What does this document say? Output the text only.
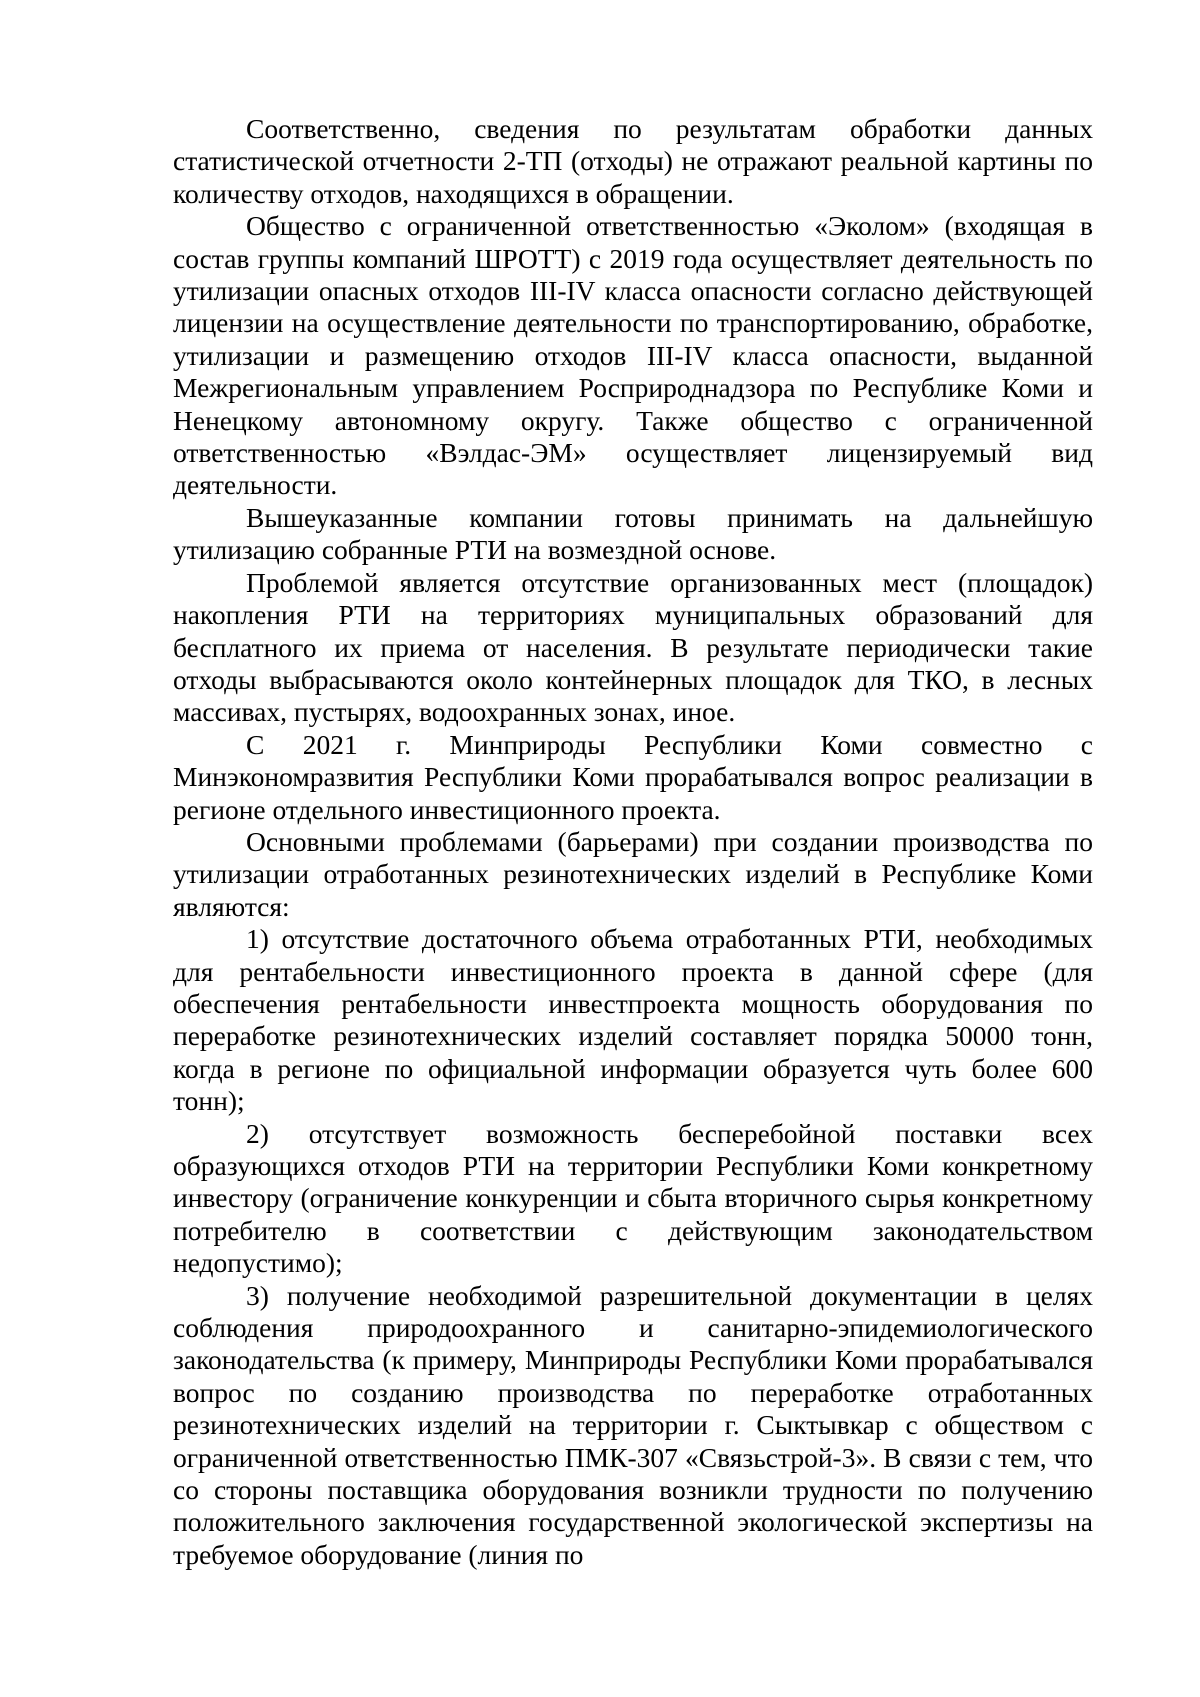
Соответственно, сведения по результатам обработки данных статистической отчетности 2-ТП (отходы) не отражают реальной картины по количеству отходов, находящихся в обращении.

Общество с ограниченной ответственностью «Эколом» (входящая в состав группы компаний ШРОТТ) с 2019 года осуществляет деятельность по утилизации опасных отходов III-IV класса опасности согласно действующей лицензии на осуществление деятельности по транспортированию, обработке, утилизации и размещению отходов III-IV класса опасности, выданной Межрегиональным управлением Росприроднадзора по Республике Коми и Ненецкому автономному округу. Также общество с ограниченной ответственностью «Вэлдас-ЭМ» осуществляет лицензируемый вид деятельности.

Вышеуказанные компании готовы принимать на дальнейшую утилизацию собранные РТИ на возмездной основе.

Проблемой является отсутствие организованных мест (площадок) накопления РТИ на территориях муниципальных образований для бесплатного их приема от населения. В результате периодически такие отходы выбрасываются около контейнерных площадок для ТКО, в лесных массивах, пустырях, водоохранных зонах, иное.

С 2021 г. Минприроды Республики Коми совместно с Минэкономразвития Республики Коми прорабатывался вопрос реализации в регионе отдельного инвестиционного проекта.

Основными проблемами (барьерами) при создании производства по утилизации отработанных резинотехнических изделий в Республике Коми являются:

1) отсутствие достаточного объема отработанных РТИ, необходимых для рентабельности инвестиционного проекта в данной сфере (для обеспечения рентабельности инвестпроекта мощность оборудования по переработке резинотехнических изделий составляет порядка 50000 тонн, когда в регионе по официальной информации образуется чуть более 600 тонн);

2) отсутствует возможность бесперебойной поставки всех образующихся отходов РТИ на территории Республики Коми конкретному инвестору (ограничение конкуренции и сбыта вторичного сырья конкретному потребителю в соответствии с действующим законодательством недопустимо);

3) получение необходимой разрешительной документации в целях соблюдения природоохранного и санитарно-эпидемиологического законодательства (к примеру, Минприроды Республики Коми прорабатывался вопрос по созданию производства по переработке отработанных резинотехнических изделий на территории г. Сыктывкар с обществом с ограниченной ответственностью ПМК-307 «Связьстрой-3». В связи с тем, что со стороны поставщика оборудования возникли трудности по получению положительного заключения государственной экологической экспертизы на требуемое оборудование (линия по
